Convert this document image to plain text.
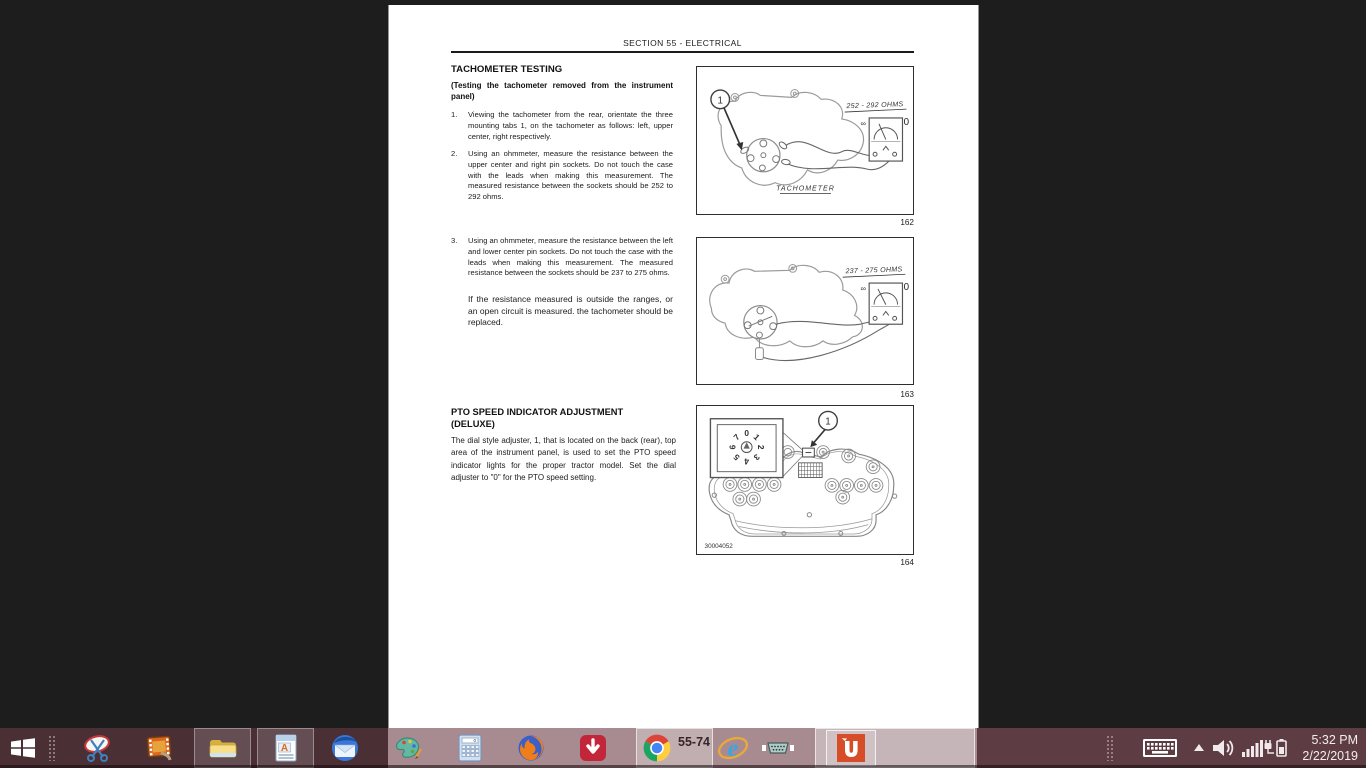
SECTION 55 - ELECTRICAL
TACHOMETER TESTING
(Testing the tachometer removed from the instrument panel)
1.	Viewing the tachometer from the rear, orientate the three mounting tabs 1, on the tachometer as follows: left, upper center, right respectively.
2.	Using an ohmmeter, measure the resistance between the upper center and right pin sockets. Do not touch the case with the leads when making this measurement. The measured resistance between the sockets should be 252 to 292 ohms.
3.	Using an ohmmeter, measure the resistance between the left and lower center pin sockets. Do not touch the case with the leads when making this measurement. The measured resistance between the sockets should be 237 to 275 ohms.
If the resistance measured is outside the ranges, or an open circuit is measured. the tachometer should be replaced.
PTO SPEED INDICATOR ADJUSTMENT
(DELUXE)
The dial style adjuster, 1, that is located on the back (rear), top area of the instrument panel, is used to set the PTO speed indicator lights for the proper tractor model. Set the dial adjuster to "0" for the PTO speed setting.
1	252 - 292 OHMS
∞	0
TACHOMETER
162
237 - 275 OHMS
∞	0
163
0 1
2
3
4
5
6
7
1
30004052
164
A
0	55-74 e	5:32 PM
2/22/2019
